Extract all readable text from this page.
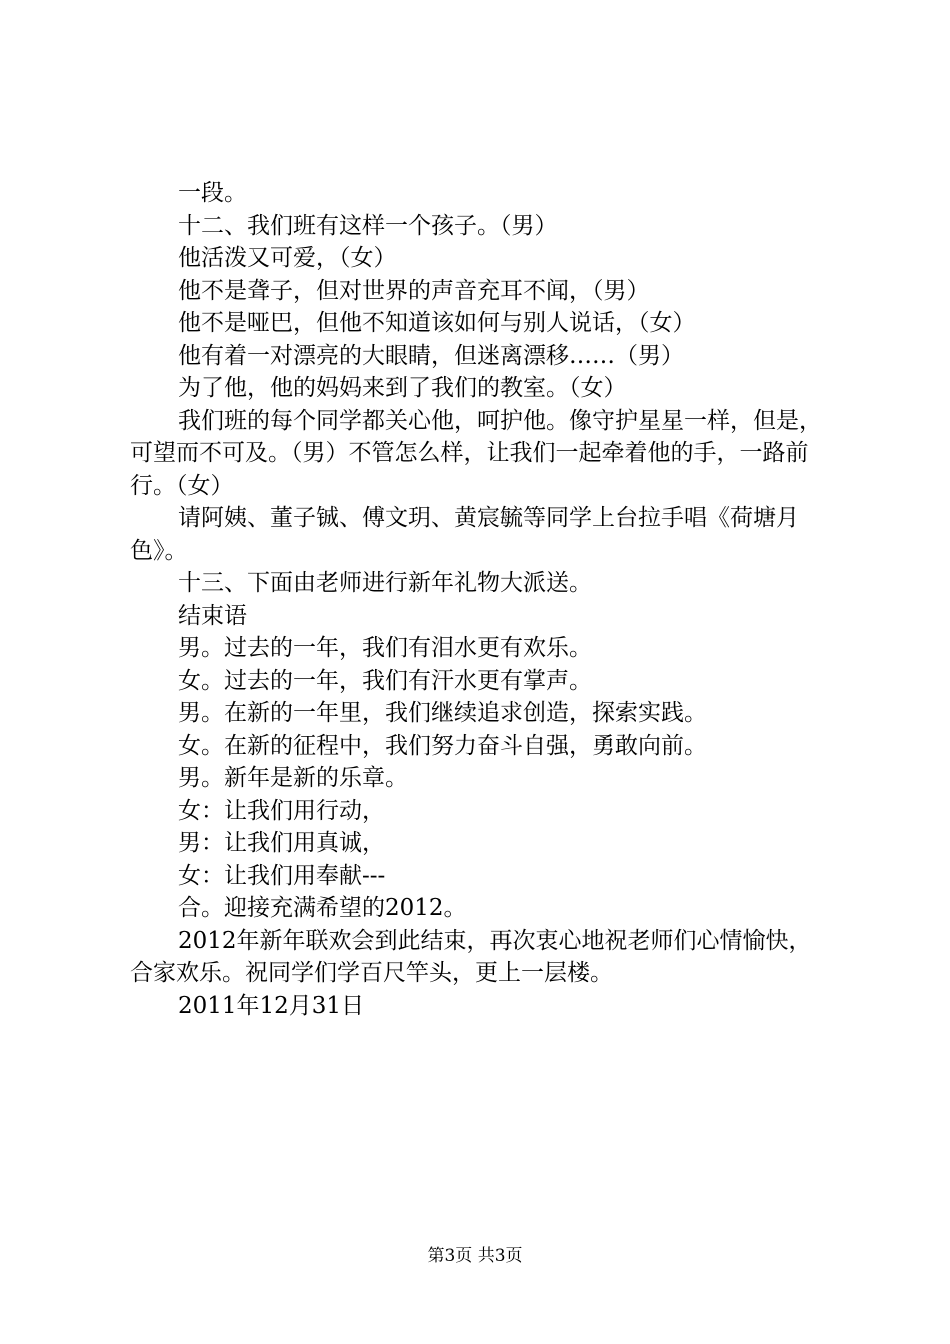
一段。

十二、我们班有这样一个孩子。（男）

他活泼又可爱，（女）

他不是聋子，但对世界的声音充耳不闻，（男）

他不是哑巴，但他不知道该如何与别人说话，（女）

他有着一对漂亮的大眼睛，但迷离漂移……（男）

为了他，他的妈妈来到了我们的教室。（女）

我们班的每个同学都关心他，呵护他。像守护星星一样，但是，可望而不可及。（男）不管怎么样，让我们一起牵着他的手，一路前行。（女）

请阿姨、董子铖、傅文玥、黄宸毓等同学上台拉手唱《荷塘月色》。

十三、下面由老师进行新年礼物大派送。

结束语

男。过去的一年，我们有泪水更有欢乐。

女。过去的一年，我们有汗水更有掌声。

男。在新的一年里，我们继续追求创造，探索实践。

女。在新的征程中，我们努力奋斗自强，勇敢向前。

男。新年是新的乐章。

女：让我们用行动，

男：让我们用真诚，

女：让我们用奉献---

合。迎接充满希望的2012。

2012年新年联欢会到此结束，再次衷心地祝老师们心情愉快，合家欢乐。祝同学们学百尺竿头，更上一层楼。

2011年12月31日

第3页 共3页
